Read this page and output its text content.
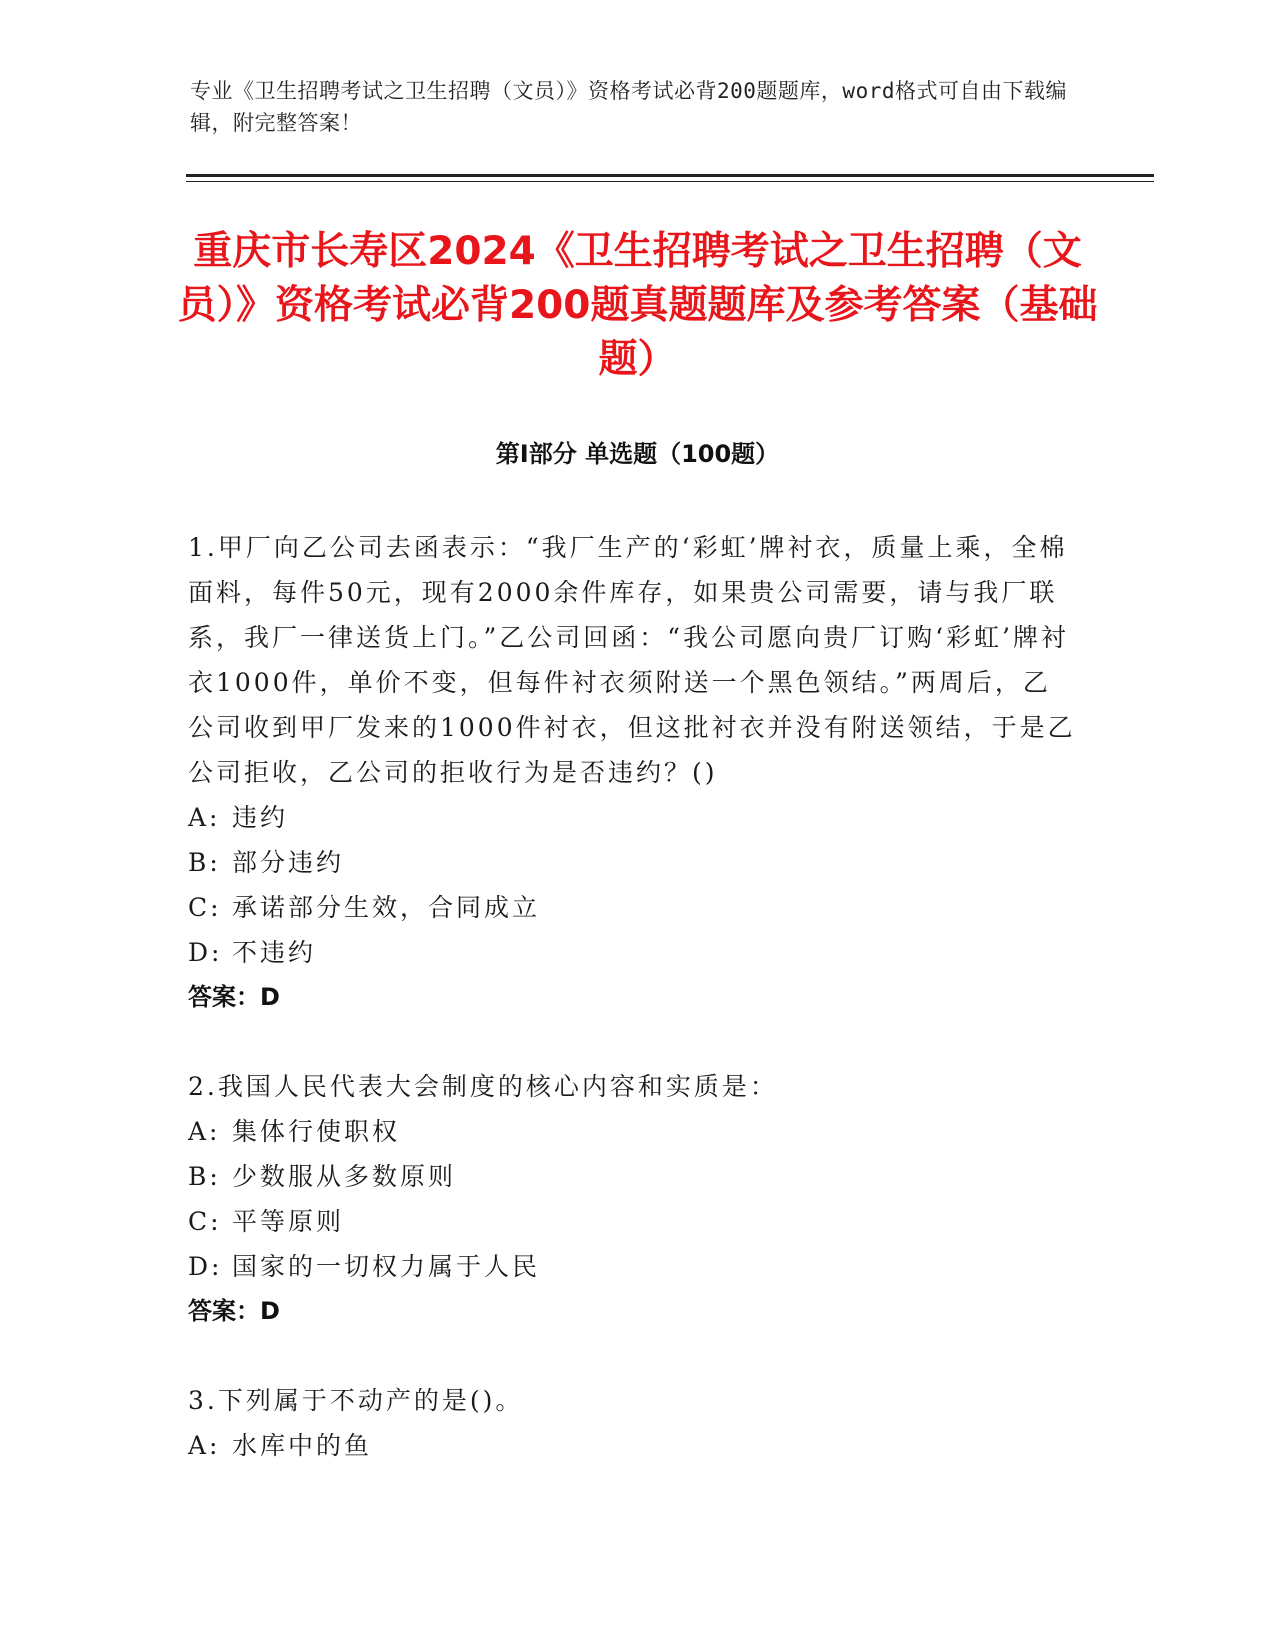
专业《卫生招聘考试之卫生招聘（文员）》资格考试必背200题题库，word格式可自由下载编辑，附完整答案！
重庆市长寿区2024《卫生招聘考试之卫生招聘（文员）》资格考试必背200题真题题库及参考答案（基础题）
第I部分 单选题（100题）

1.甲厂向乙公司去函表示：“我厂生产的‘彩虹’牌衬衣，质量上乘，全棉面料，每件50元，现有2000余件库存，如果贵公司需要，请与我厂联系，我厂一律送货上门。”乙公司回函：“我公司愿向贵厂订购‘彩虹’牌衬衣1000件，单价不变，但每件衬衣须附送一个黑色领结。”两周后，乙公司收到甲厂发来的1000件衬衣，但这批衬衣并没有附送领结，于是乙公司拒收，乙公司的拒收行为是否违约？()

A: 违约
B: 部分违约
C: 承诺部分生效，合同成立
D: 不违约
答案：D

2.我国人民代表大会制度的核心内容和实质是：

A: 集体行使职权
B: 少数服从多数原则
C: 平等原则
D: 国家的一切权力属于人民
答案：D

3.下列属于不动产的是()。

A: 水库中的鱼
